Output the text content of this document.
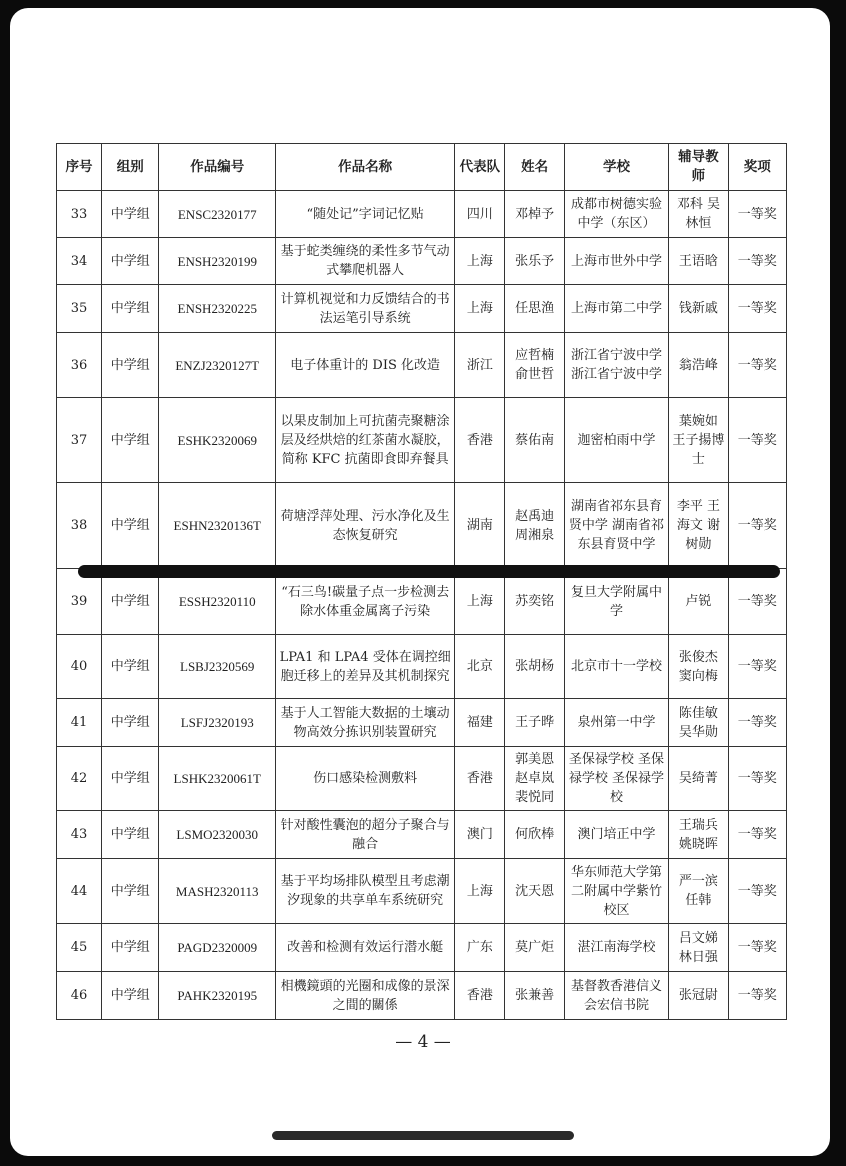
序号	组别	作品编号	作品名称	代表队	姓名	学校	辅导教师	奖项
33	中学组	ENSC2320177	“随处记”字词记忆贴	四川	邓棹予	成都市树德实验中学（东区）	邓科 吴林恒	一等奖
34	中学组	ENSH2320199	基于蛇类缠绕的柔性多节气动式攀爬机器人	上海	张乐予	上海市世外中学	王语晗	一等奖
35	中学组	ENSH2320225	计算机视觉和力反馈结合的书法运笔引导系统	上海	任思渔	上海市第二中学	钱新戚	一等奖
36	中学组	ENZJ2320127T	电子体重计的 DIS 化改造	浙江	应哲楠 俞世哲	浙江省宁波中学 浙江省宁波中学	翁浩峰	一等奖
37	中学组	ESHK2320069	以果皮制加上可抗菌壳聚糖涂层及经烘焙的红茶菌水凝胶，简称 KFC 抗菌即食即弃餐具	香港	蔡佑南	迦密柏雨中学	葉婉如 王子揚博士	一等奖
38	中学组	ESHN2320136T	荷塘浮萍处理、污水净化及生态恢复研究	湖南	赵禹迪 周湘泉	湖南省祁东县育贤中学 湖南省祁东县育贤中学	李平 王海文 谢树勋	一等奖
39	中学组	ESSH2320110	“石三鸟!碳量子点一步检测去除水体重金属离子污染	上海	苏奕铭	复旦大学附属中学	卢锐	一等奖
40	中学组	LSBJ2320569	LPA1 和 LPA4 受体在调控细胞迁移上的差异及其机制探究	北京	张胡杨	北京市十一学校	张俊杰 窦向梅	一等奖
41	中学组	LSFJ2320193	基于人工智能大数据的土壤动物高效分拣识别装置研究	福建	王子晔	泉州第一中学	陈佳敏 吴华勋	一等奖
42	中学组	LSHK2320061T	伤口感染检测敷料	香港	郭美恩 赵卓岚 裴悦同	圣保禄学校 圣保禄学校 圣保禄学校	吴绮菁	一等奖
43	中学组	LSMO2320030	针对酸性囊泡的超分子聚合与融合	澳门	何欣棒	澳门培正中学	王瑞兵 姚晓晖	一等奖
44	中学组	MASH2320113	基于平均场排队模型且考虑潮汐现象的共享单车系统研究	上海	沈天恩	华东师范大学第二附属中学紫竹校区	严一滨 任韩	一等奖
45	中学组	PAGD2320009	改善和检测有效运行潜水艇	广东	莫广炬	湛江南海学校	吕文娣 林日强	一等奖
46	中学组	PAHK2320195	相機鏡頭的光圈和成像的景深之間的關係	香港	张兼善	基督教香港信义会宏信书院	张冠尉	一等奖
— 4 —
